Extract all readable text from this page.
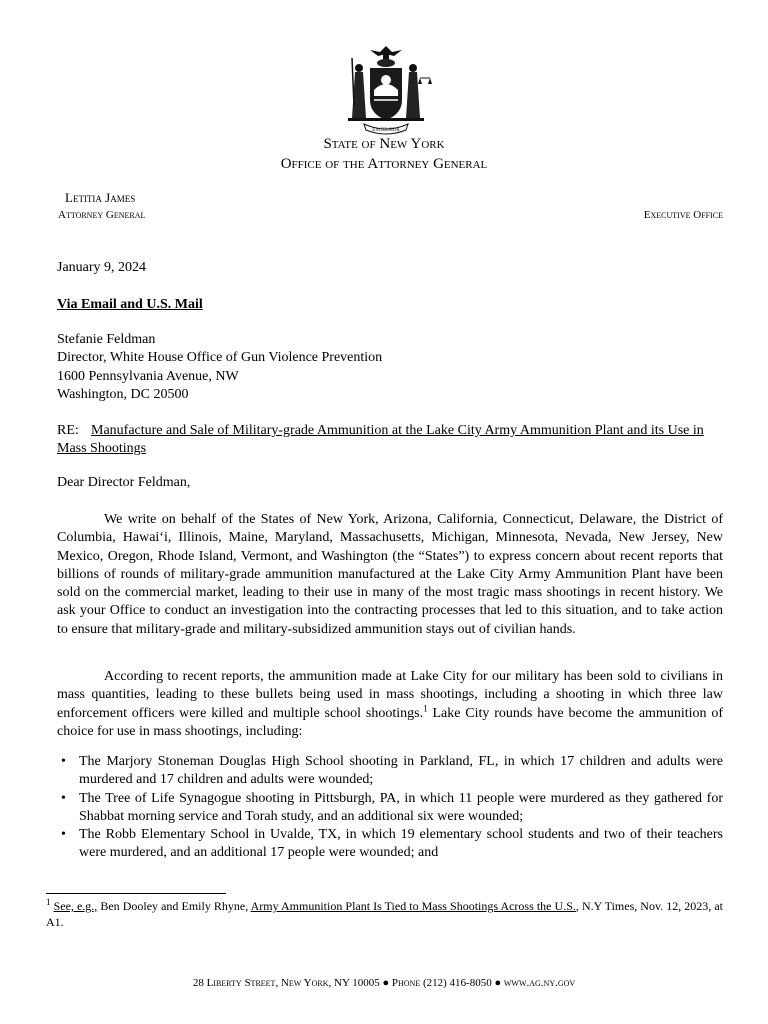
EXCELSIOR
State of New York
Office of the Attorney General
Letitia James
Attorney General	Executive Office
January 9, 2024
Via Email and U.S. Mail
Stefanie Feldman
Director, White House Office of Gun Violence Prevention
1600 Pennsylvania Avenue, NW
Washington, DC 20500
RE: Manufacture and Sale of Military-grade Ammunition at the Lake City Army Ammunition Plant and its Use in Mass Shootings
Dear Director Feldman,
We write on behalf of the States of New York, Arizona, California, Connecticut, Delaware, the District of Columbia, Hawaiʻi, Illinois, Maine, Maryland, Massachusetts, Michigan, Minnesota, Nevada, New Jersey, New Mexico, Oregon, Rhode Island, Vermont, and Washington (the “States”) to express concern about recent reports that billions of rounds of military-grade ammunition manufactured at the Lake City Army Ammunition Plant have been sold on the commercial market, leading to their use in many of the most tragic mass shootings in recent history. We ask your Office to conduct an investigation into the contracting processes that led to this situation, and to take action to ensure that military-grade and military-subsidized ammunition stays out of civilian hands.
According to recent reports, the ammunition made at Lake City for our military has been sold to civilians in mass quantities, leading to these bullets being used in mass shootings, including a shooting in which three law enforcement officers were killed and multiple school shootings.$^1$ Lake City rounds have become the ammunition of choice for use in mass shootings, including:
• The Marjory Stoneman Douglas High School shooting in Parkland, FL, in which 17 children and adults were murdered and 17 children and adults were wounded;
• The Tree of Life Synagogue shooting in Pittsburgh, PA, in which 11 people were murdered as they gathered for Shabbat morning service and Torah study, and an additional six were wounded;
• The Robb Elementary School in Uvalde, TX, in which 19 elementary school students and two of their teachers were murdered, and an additional 17 people were wounded; and
$^1$ See, e.g., Ben Dooley and Emily Rhyne, Army Ammunition Plant Is Tied to Mass Shootings Across the U.S., N.Y Times, Nov. 12, 2023, at A1.
28 Liberty Street, New York, NY 10005 ● Phone (212) 416-8050 ● www.ag.ny.gov
